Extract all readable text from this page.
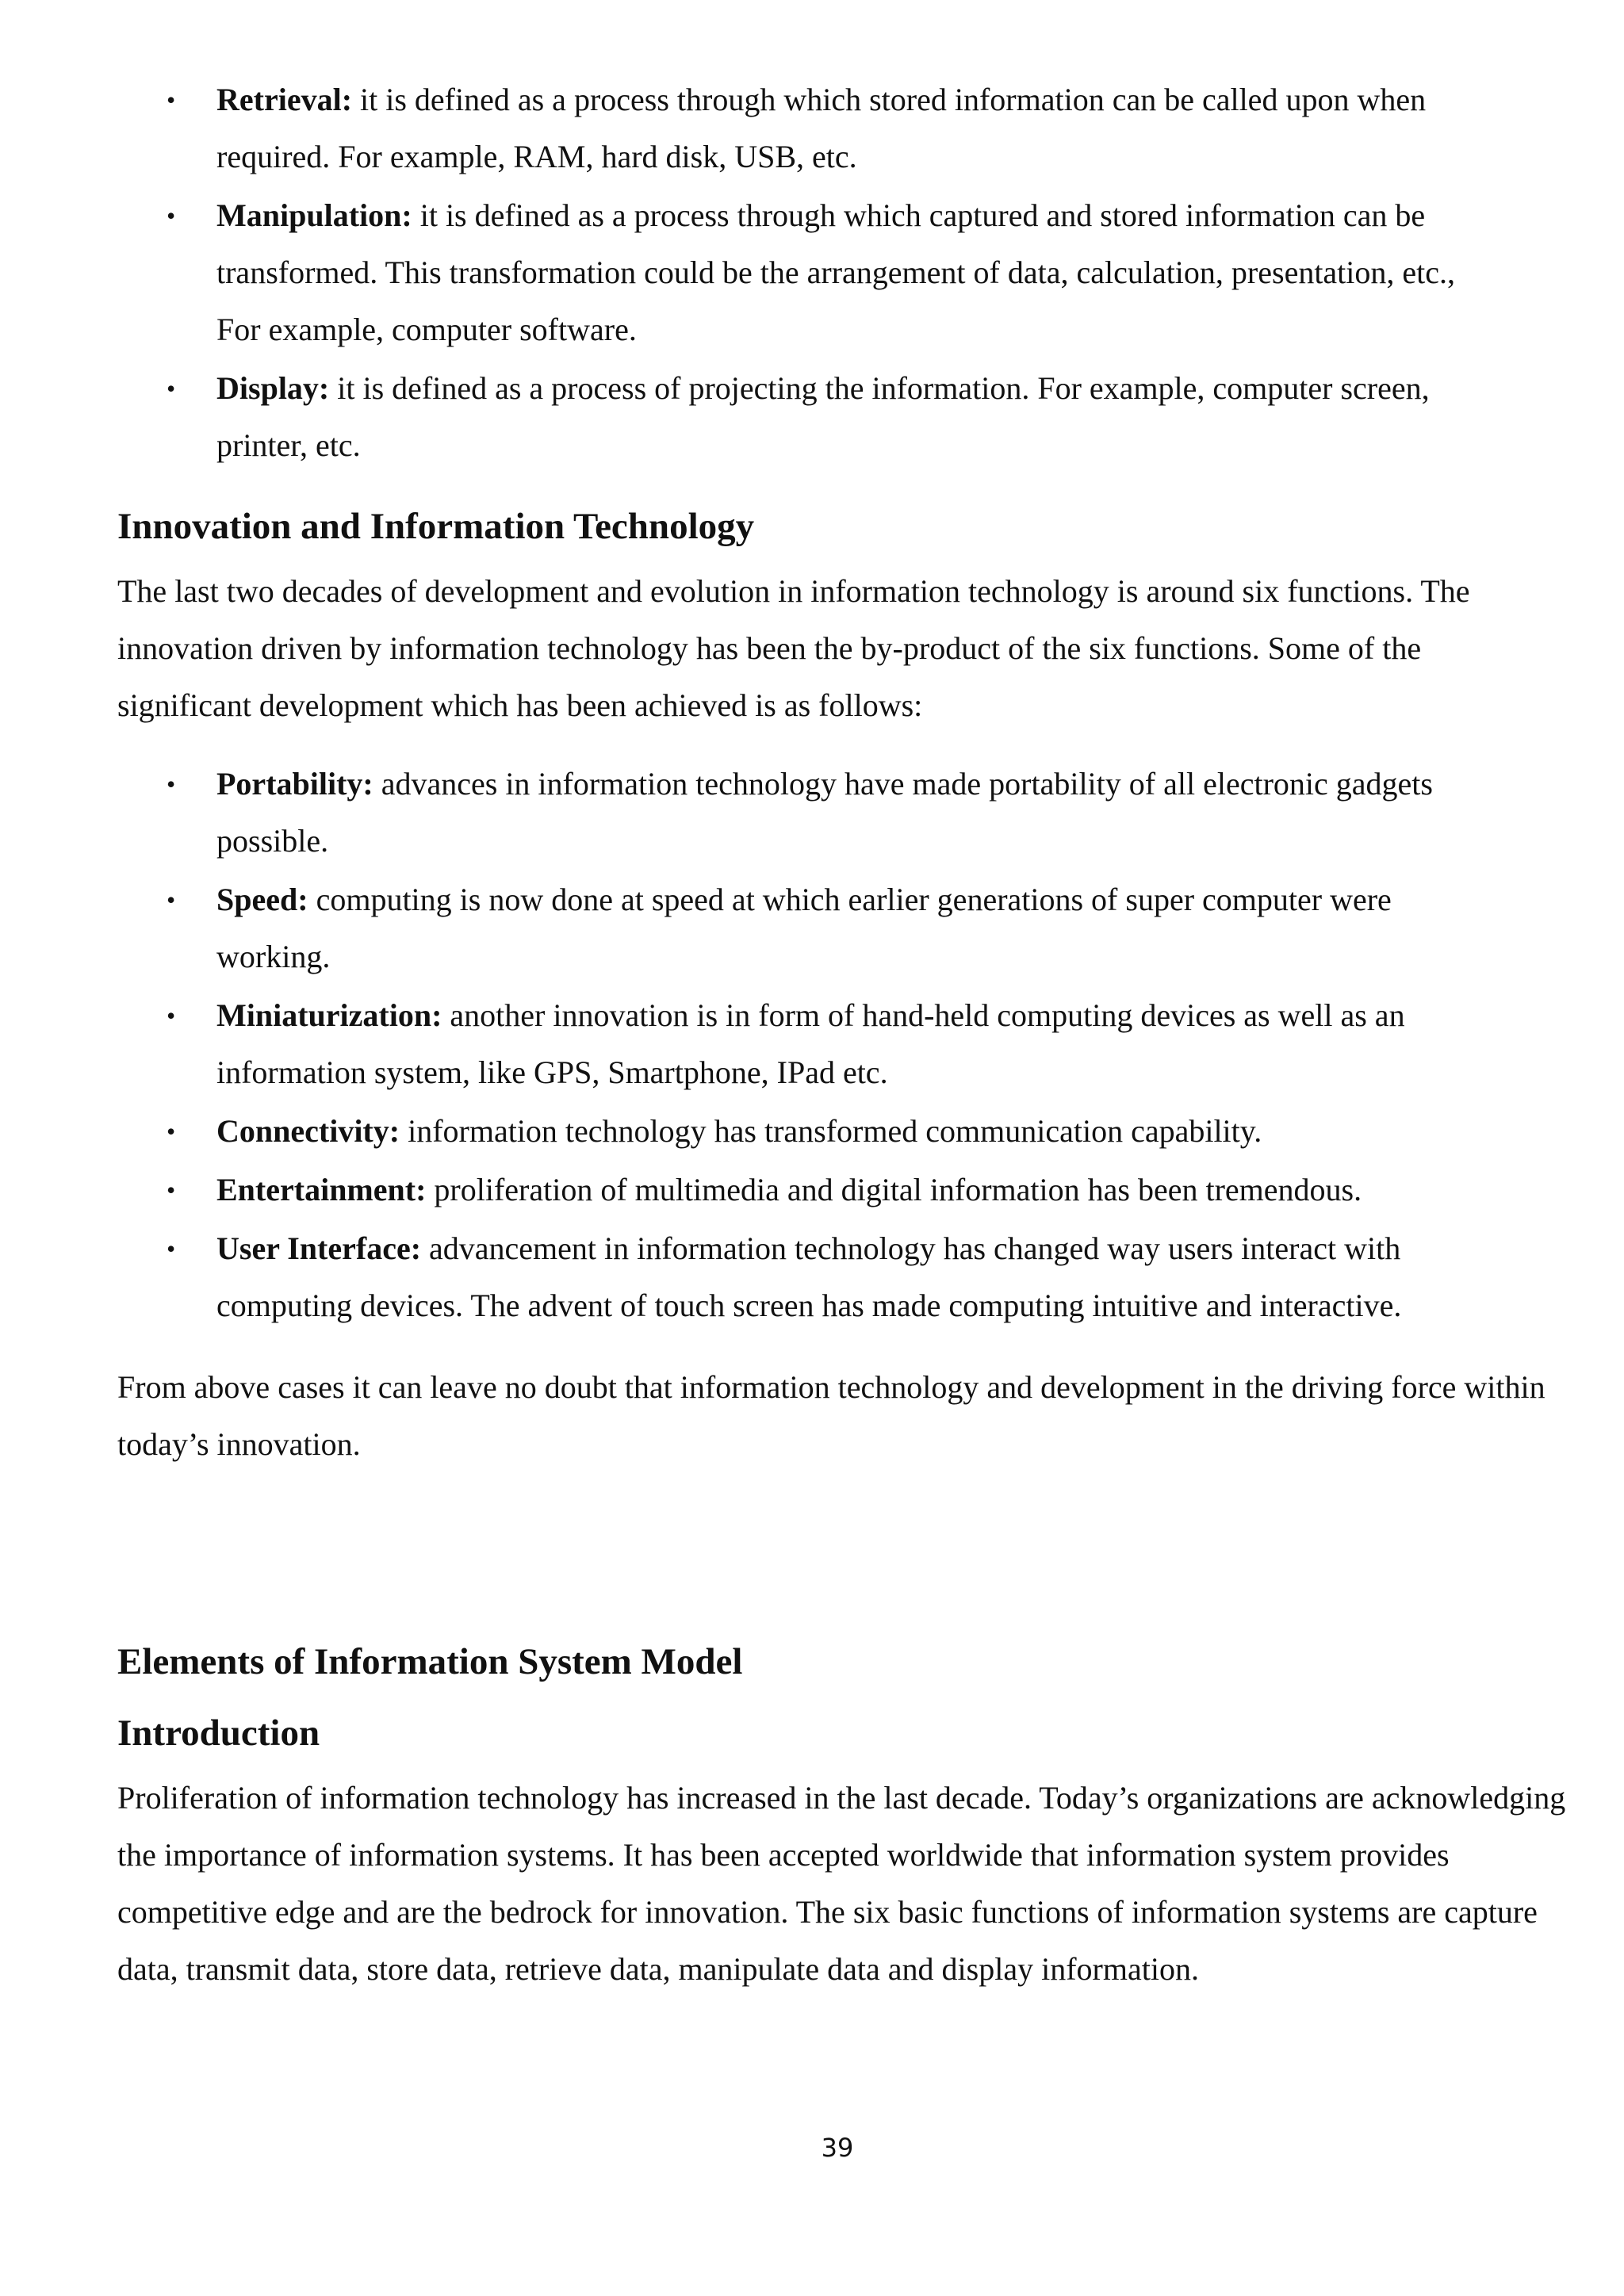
• Retrieval: it is defined as a process through which stored information can be called upon when required. For example, RAM, hard disk, USB, etc.
• Manipulation: it is defined as a process through which captured and stored information can be transformed. This transformation could be the arrangement of data, calculation, presentation, etc., For example, computer software.
• Display: it is defined as a process of projecting the information. For example, computer screen, printer, etc.
Innovation and Information Technology

The last two decades of development and evolution in information technology is around six functions. The innovation driven by information technology has been the by-product of the six functions. Some of the significant development which has been achieved is as follows:

• Portability: advances in information technology have made portability of all electronic gadgets possible.
• Speed: computing is now done at speed at which earlier generations of super computer were working.
• Miniaturization: another innovation is in form of hand-held computing devices as well as an information system, like GPS, Smartphone, IPad etc.
• Connectivity: information technology has transformed communication capability.
• Entertainment: proliferation of multimedia and digital information has been tremendous.
• User Interface: advancement in information technology has changed way users interact with computing devices. The advent of touch screen has made computing intuitive and interactive.

From above cases it can leave no doubt that information technology and development in the driving force within today’s innovation.

Elements of Information System Model
Introduction

Proliferation of information technology has increased in the last decade. Today’s organizations are acknowledging the importance of information systems. It has been accepted worldwide that information system provides competitive edge and are the bedrock for innovation. The six basic functions of information systems are capture data, transmit data, store data, retrieve data, manipulate data and display information.

39
